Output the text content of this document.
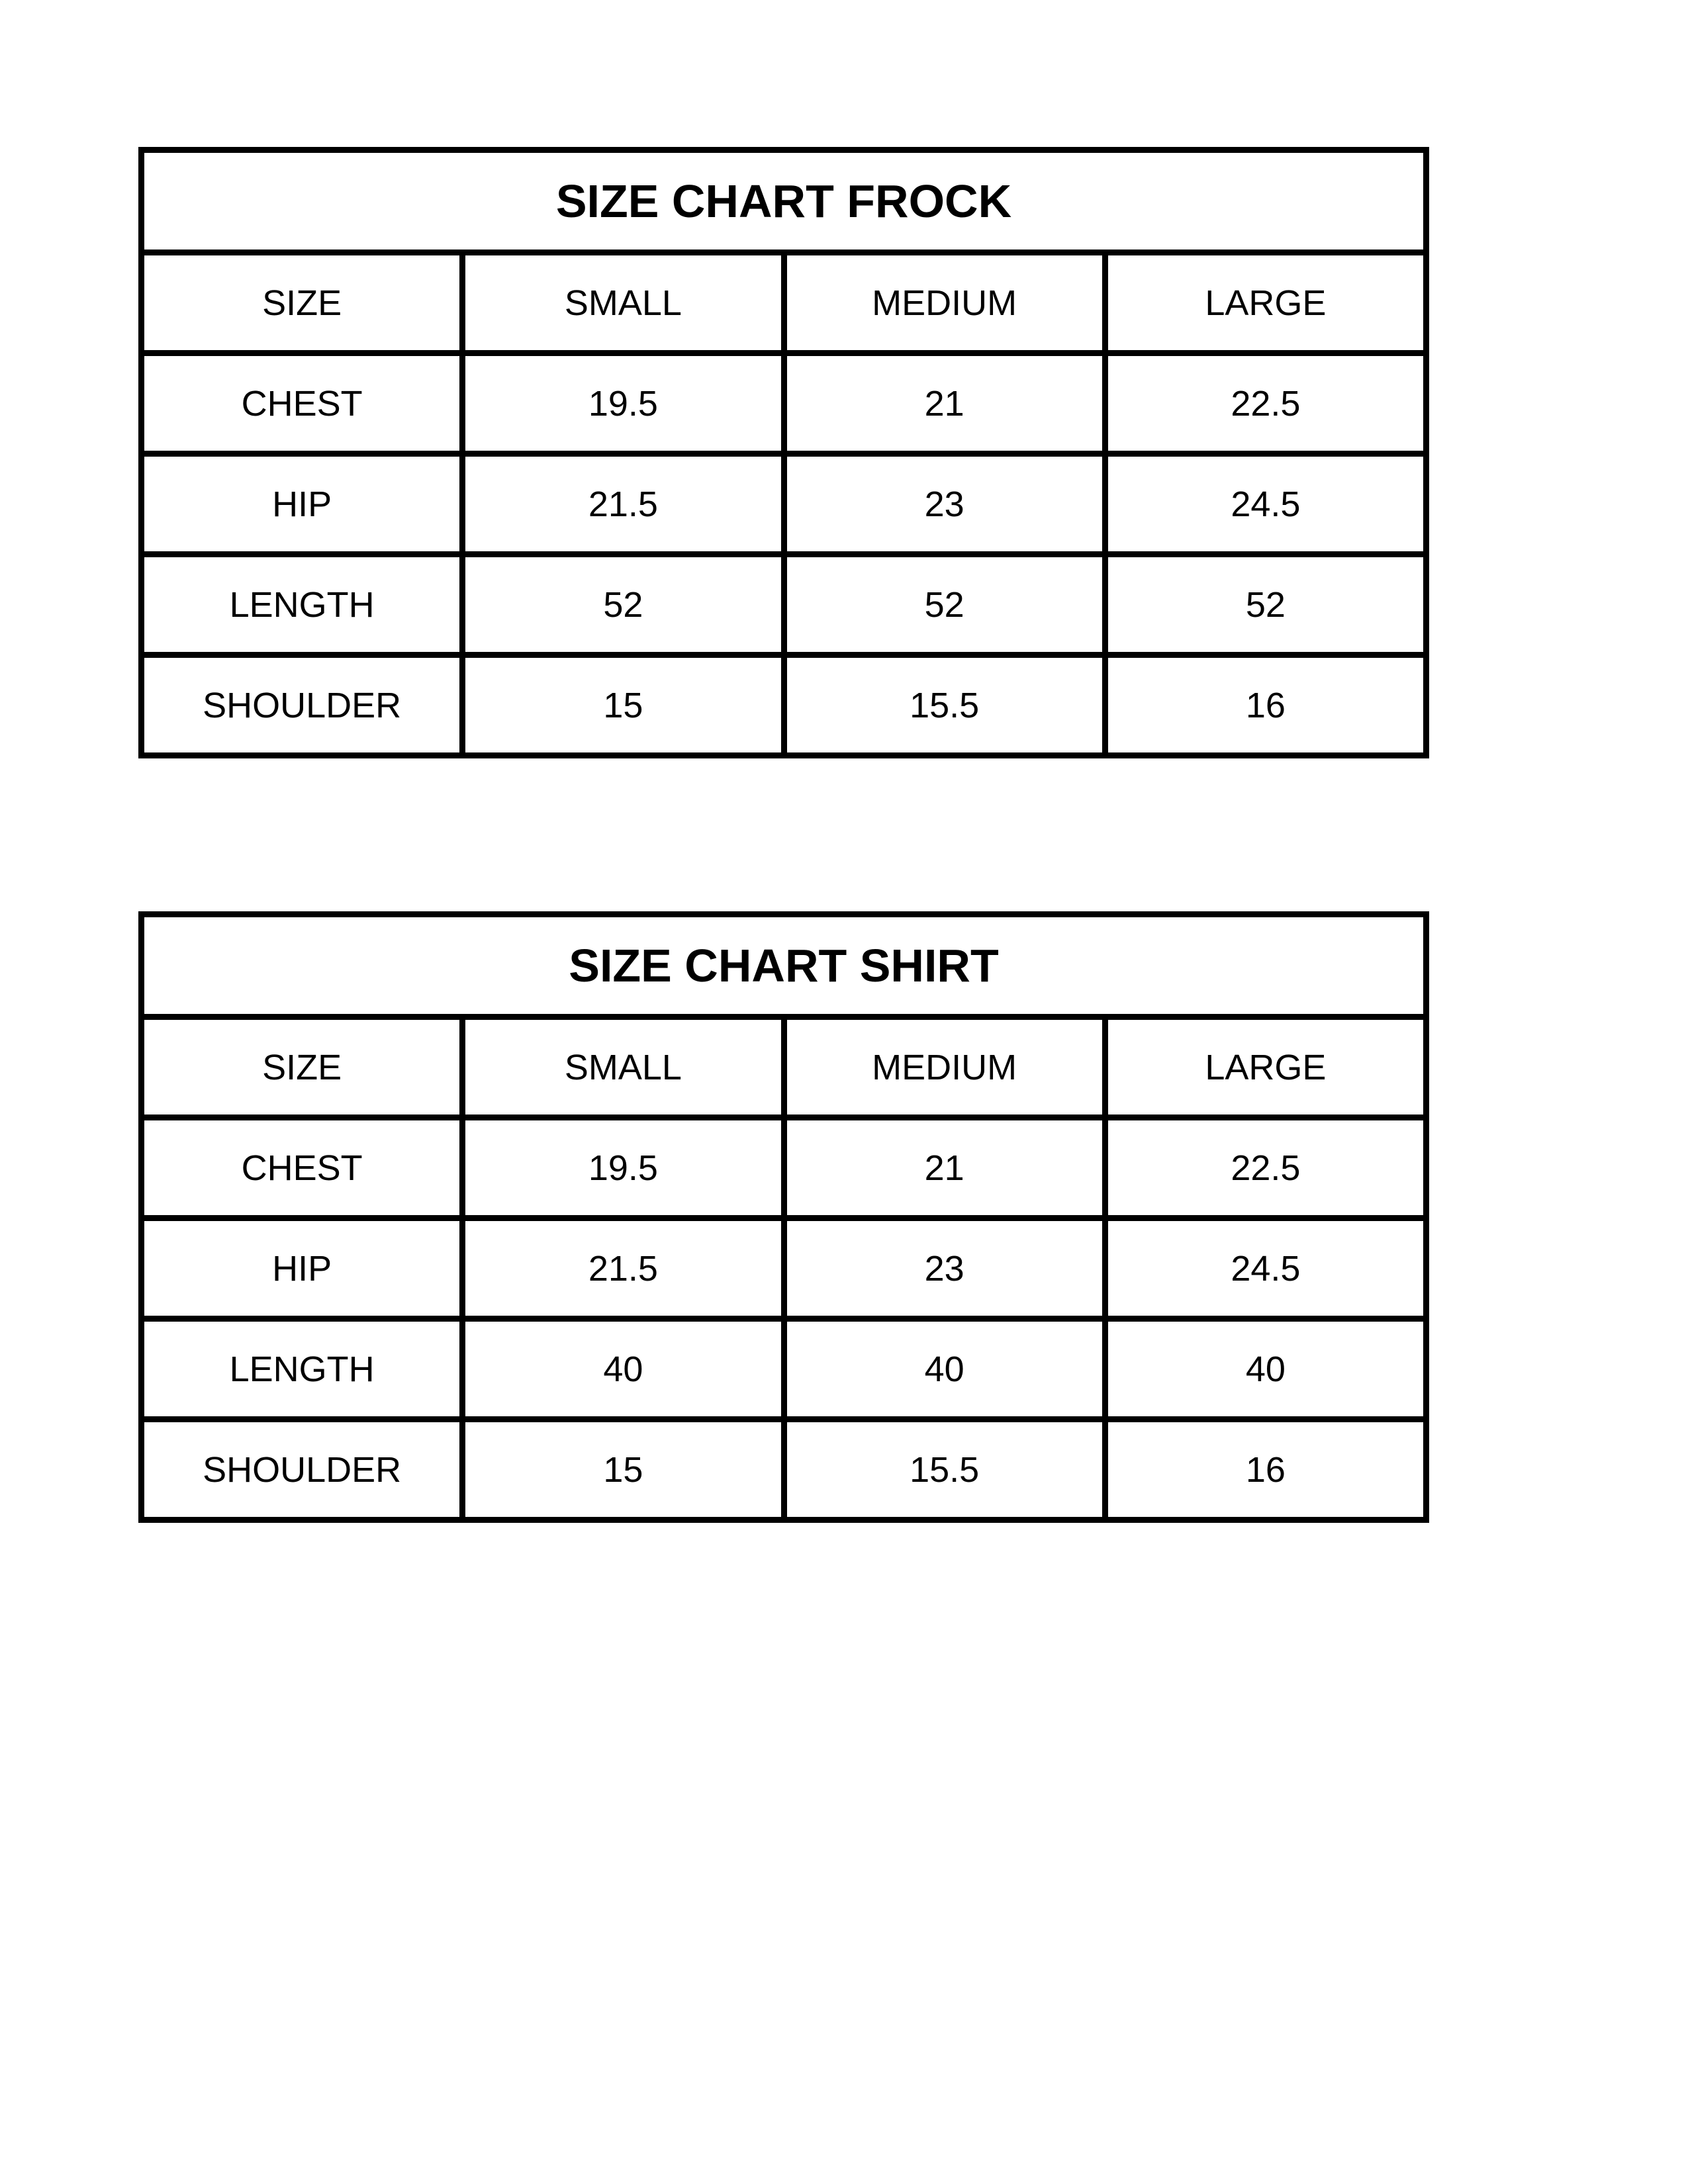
SIZE CHART FROCK			
SIZE	SMALL	MEDIUM	LARGE
CHEST	19.5	21	22.5
HIP	21.5	23	24.5
LENGTH	52	52	52
SHOULDER	15	15.5	16
SIZE CHART SHIRT			
SIZE	SMALL	MEDIUM	LARGE
CHEST	19.5	21	22.5
HIP	21.5	23	24.5
LENGTH	40	40	40
SHOULDER	15	15.5	16
